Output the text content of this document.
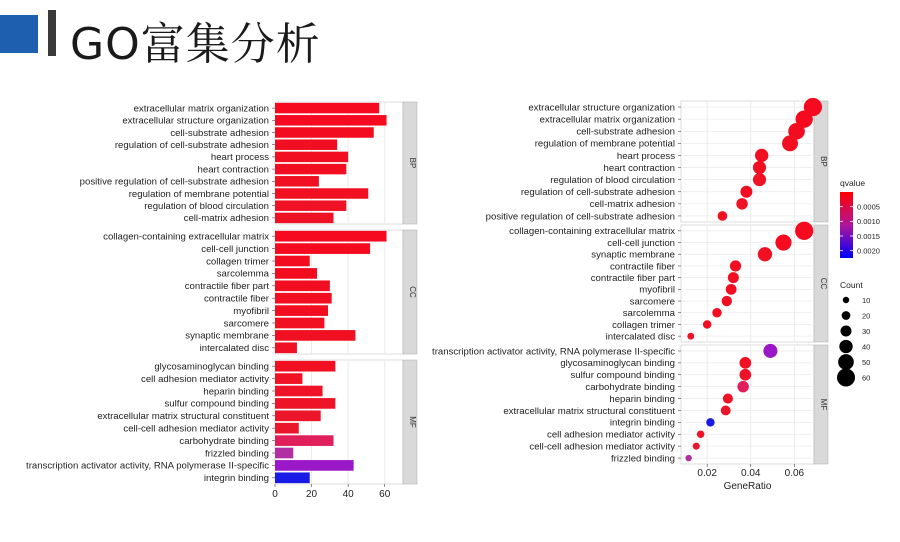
GO富集分析
BP
extracellular matrix organization
extracellular structure organization
cell-substrate adhesion
regulation of cell-substrate adhesion
heart process
heart contraction
positive regulation of cell-substrate adhesion
regulation of membrane potential
regulation of blood circulation
cell-matrix adhesion
CC
collagen-containing extracellular matrix
cell-cell junction
collagen trimer
sarcolemma
contractile fiber part
contractile fiber
myofibril
sarcomere
synaptic membrane
intercalated disc
MF
glycosaminoglycan binding
cell adhesion mediator activity
heparin binding
sulfur compound binding
extracellular matrix structural constituent
cell-cell adhesion mediator activity
carbohydrate binding
frizzled binding
transcription activator activity, RNA polymerase II-specific
integrin binding
0	20	40	60
BP
extracellular structure organization
extracellular matrix organization
cell-substrate adhesion
regulation of membrane potential
heart process
heart contraction
regulation of blood circulation
regulation of cell-substrate adhesion
cell-matrix adhesion
positive regulation of cell-substrate adhesion
CC
collagen-containing extracellular matrix
cell-cell junction
synaptic membrane
contractile fiber
contractile fiber part
myofibril
sarcomere
sarcolemma
collagen trimer
intercalated disc
MF
transcription activator activity, RNA polymerase II-specific
glycosaminoglycan binding
sulfur compound binding
carbohydrate binding
heparin binding
extracellular matrix structural constituent
integrin binding
cell adhesion mediator activity
cell-cell adhesion mediator activity
frizzled binding
0.02 0.04 0.06
GeneRatio
qvalue
0.0005
0.0010
0.0015
0.0020
Count
10
20
30
40
50
60
